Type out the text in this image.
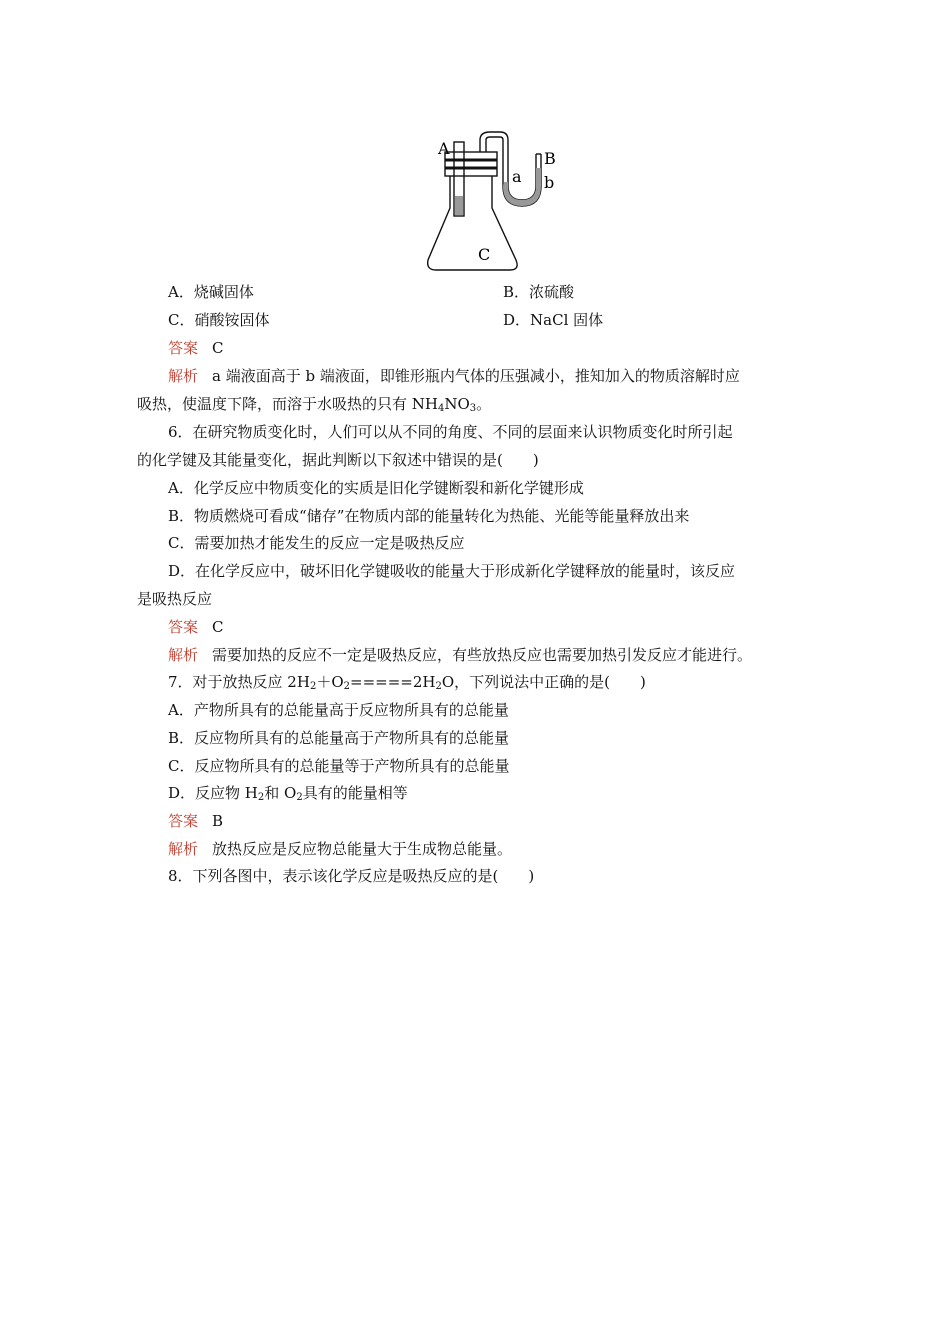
A
a
B
b
C
A．烧碱固体	B．浓硫酸
C．硝酸铵固体	D．NaCl 固体
答案 C
解析 a 端液面高于 b 端液面，即锥形瓶内气体的压强减小，推知加入的物质溶解时应
吸热，使温度下降，而溶于水吸热的只有 $NH_4NO_3$。
6．在研究物质变化时，人们可以从不同的角度、不同的层面来认识物质变化时所引起
的化学键及其能量变化，据此判断以下叙述中错误的是(　　)
A．化学反应中物质变化的实质是旧化学键断裂和新化学键形成
B．物质燃烧可看成“储存”在物质内部的能量转化为热能、光能等能量释放出来
C．需要加热才能发生的反应一定是吸热反应
D．在化学反应中，破坏旧化学键吸收的能量大于形成新化学键释放的能量时，该反应
是吸热反应
答案 C
解析 需要加热的反应不一定是吸热反应，有些放热反应也需要加热引发反应才能进行。
7．对于放热反应 $2H_2+O_2=====2H_2O$，下列说法中正确的是(　　)
A．产物所具有的总能量高于反应物所具有的总能量
B．反应物所具有的总能量高于产物所具有的总能量
C．反应物所具有的总能量等于产物所具有的总能量
D．反应物 $H_2$和 $O_2$具有的能量相等
答案 B
解析 放热反应是反应物总能量大于生成物总能量。
8．下列各图中，表示该化学反应是吸热反应的是(　　)
